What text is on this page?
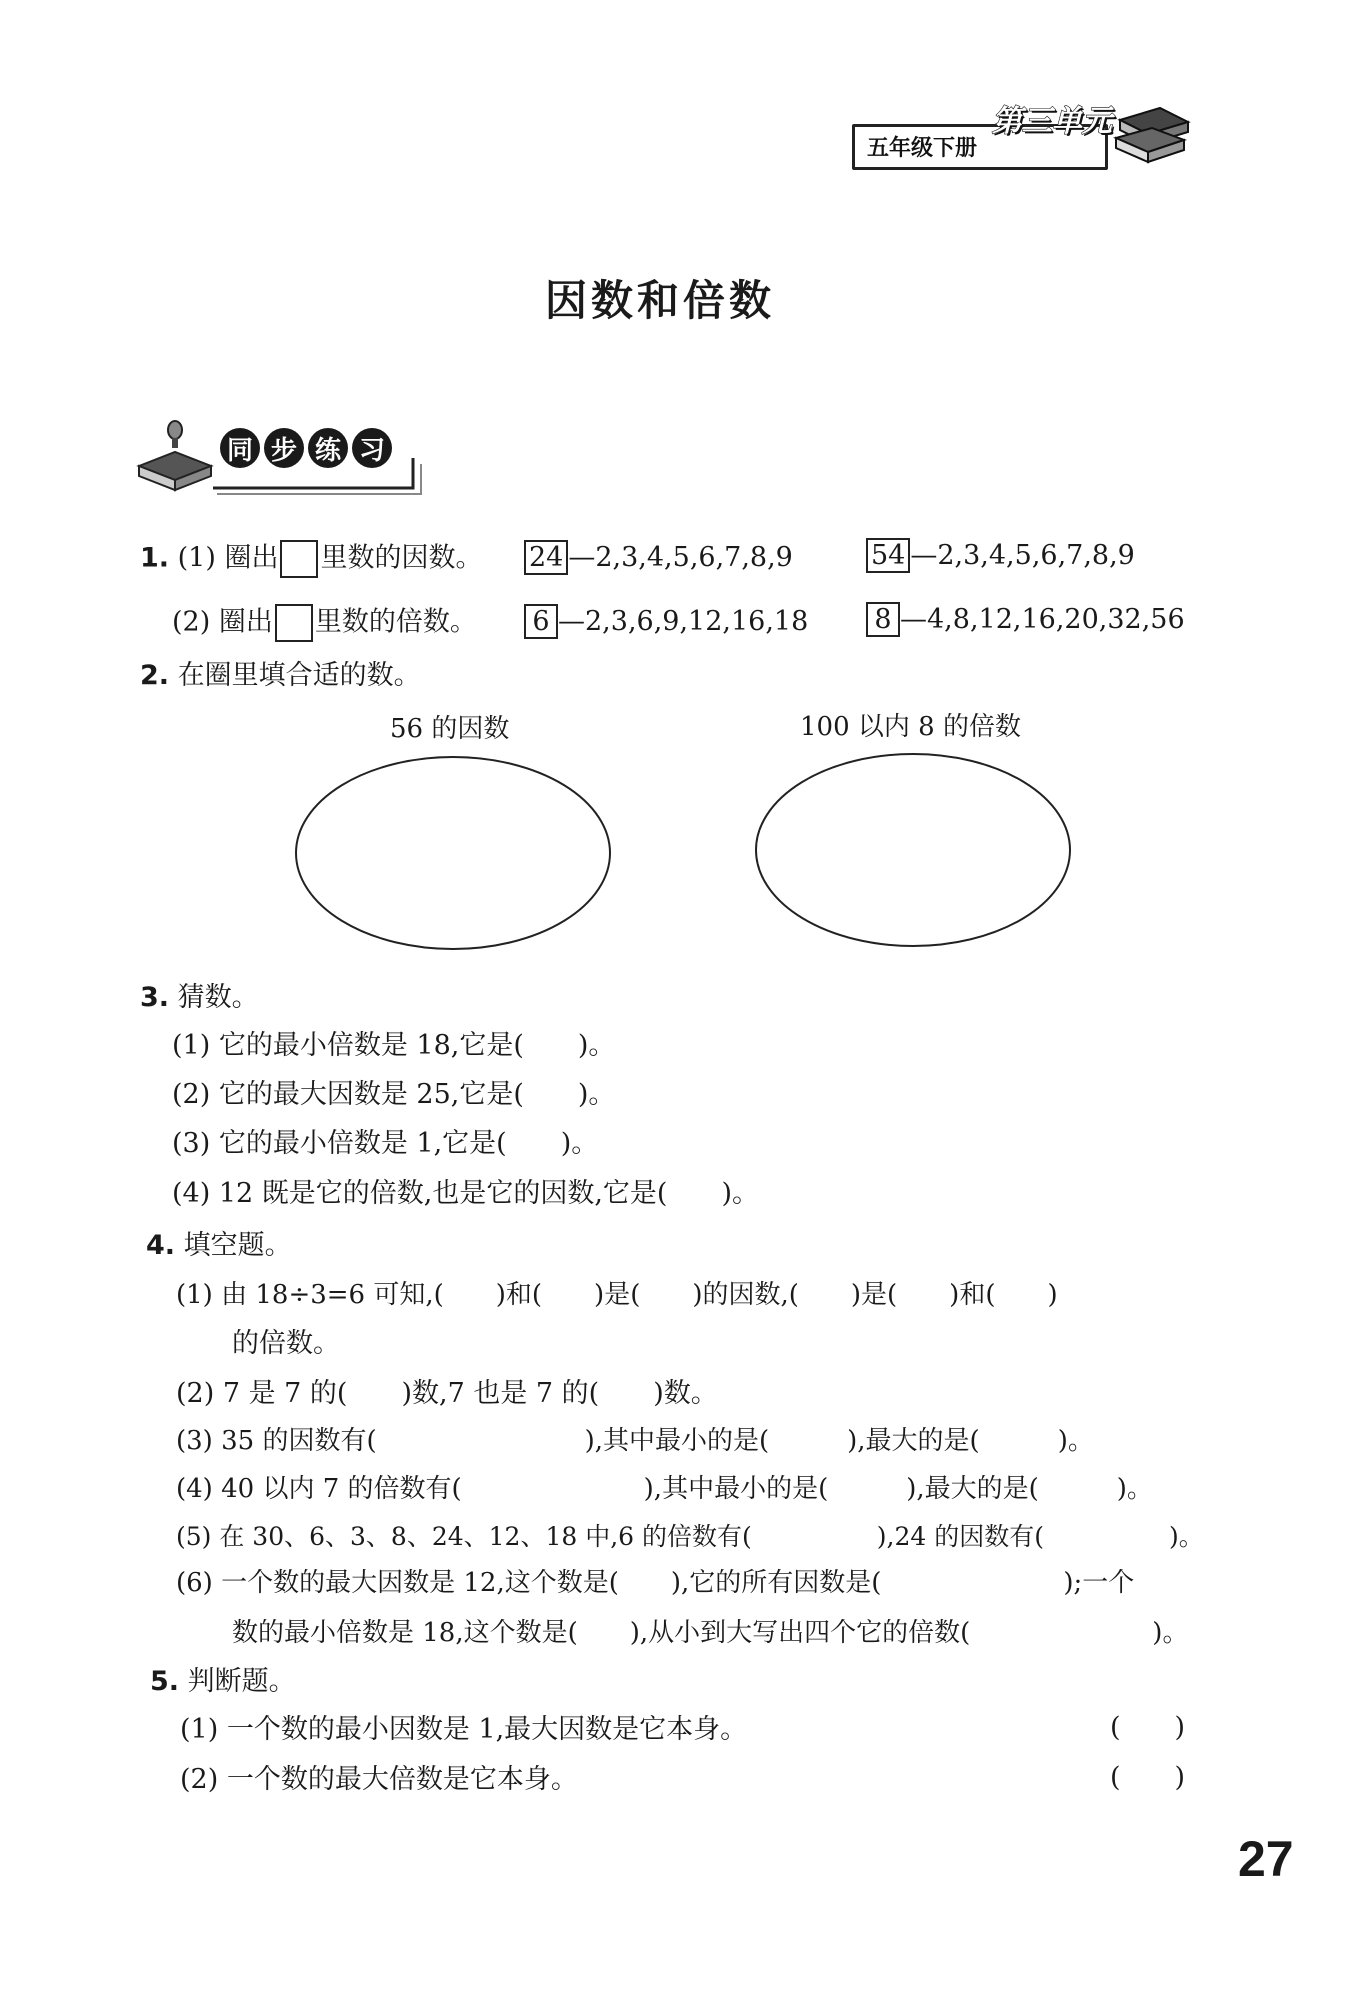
五年级下册
第三单元
因数和倍数
同 步 练 习
1. (1) 圈出 里数的因数。 24 —2,3,4,5,6,7,8,9	54 —2,3,4,5,6,7,8,9
(2) 圈出 里数的倍数。	6 —2,3,6,9,12,16,18	8 —4,8,12,16,20,32,56
2. 在圈里填合适的数。
56 的因数	100 以内 8 的倍数
3. 猜数。
(1) 它的最小倍数是 18,它是(　　)。
(2) 它的最大因数是 25,它是(　　)。
(3) 它的最小倍数是 1,它是(　　)。
(4) 12 既是它的倍数,也是它的因数,它是(　　)。
4. 填空题。
(1) 由 18÷3=6 可知,(　　)和(　　)是(　　)的因数,(　　)是(　　)和(　　)
的倍数。
(2) 7 是 7 的(　　)数,7 也是 7 的(　　)数。
(3) 35 的因数有(　　　　　　　　),其中最小的是(　　　),最大的是(　　　)。
(4) 40 以内 7 的倍数有(　　　　　　　),其中最小的是(　　　),最大的是(　　　)。
(5) 在 30、6、3、8、24、12、18 中,6 的倍数有(　　　　　),24 的因数有(　　　　　)。
(6) 一个数的最大因数是 12,这个数是(　　),它的所有因数是(　　　　　　　);一个
数的最小倍数是 18,这个数是(　　),从小到大写出四个它的倍数(　　　　　　　)。
5. 判断题。
(1) 一个数的最小因数是 1,最大因数是它本身。	(　　)
(2) 一个数的最大倍数是它本身。	(　　)
27
